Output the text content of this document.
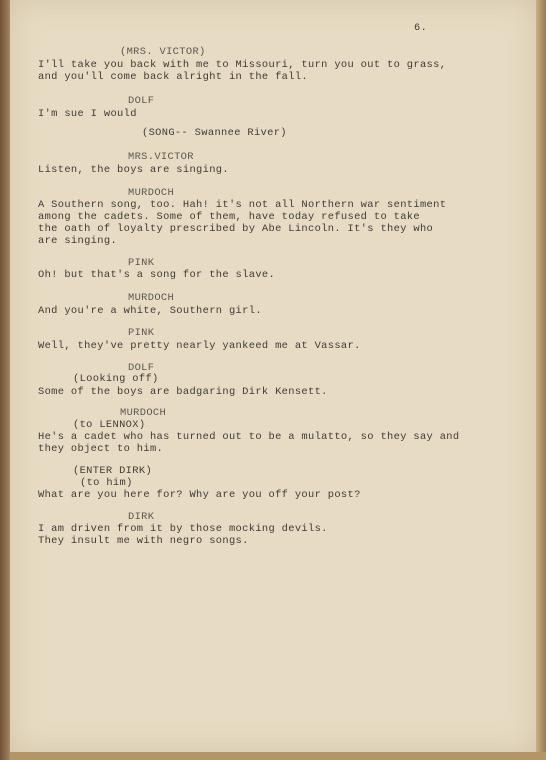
6.
(MRS. VICTOR)
I'll take you back with me to Missouri, turn you out to grass,
and you'll come back alright in the fall.
DOLF
I'm sue I would
(SONG-- Swannee River)
MRS.VICTOR
Listen, the boys are singing.
MURDOCH
A Southern song, too. Hah! it's not all Northern war sentiment
among the cadets. Some of them, have today refused to take
the oath of loyalty prescribed by Abe Lincoln. It's they who
are singing.
PINK
Oh! but that's a song for the slave.
MURDOCH
And you're a white, Southern girl.
PINK
Well, they've pretty nearly yankeed me at Vassar.
DOLF
(Looking off)
Some of the boys are badgaring Dirk Kensett.
MURDOCH
(to LENNOX)
He's a cadet who has turned out to be a mulatto, so they say and
they object to him.
(ENTER DIRK)
(to him)
What are you here for? Why are you off your post?
DIRK
I am driven from it by those mocking devils.
They insult me with negro songs.
